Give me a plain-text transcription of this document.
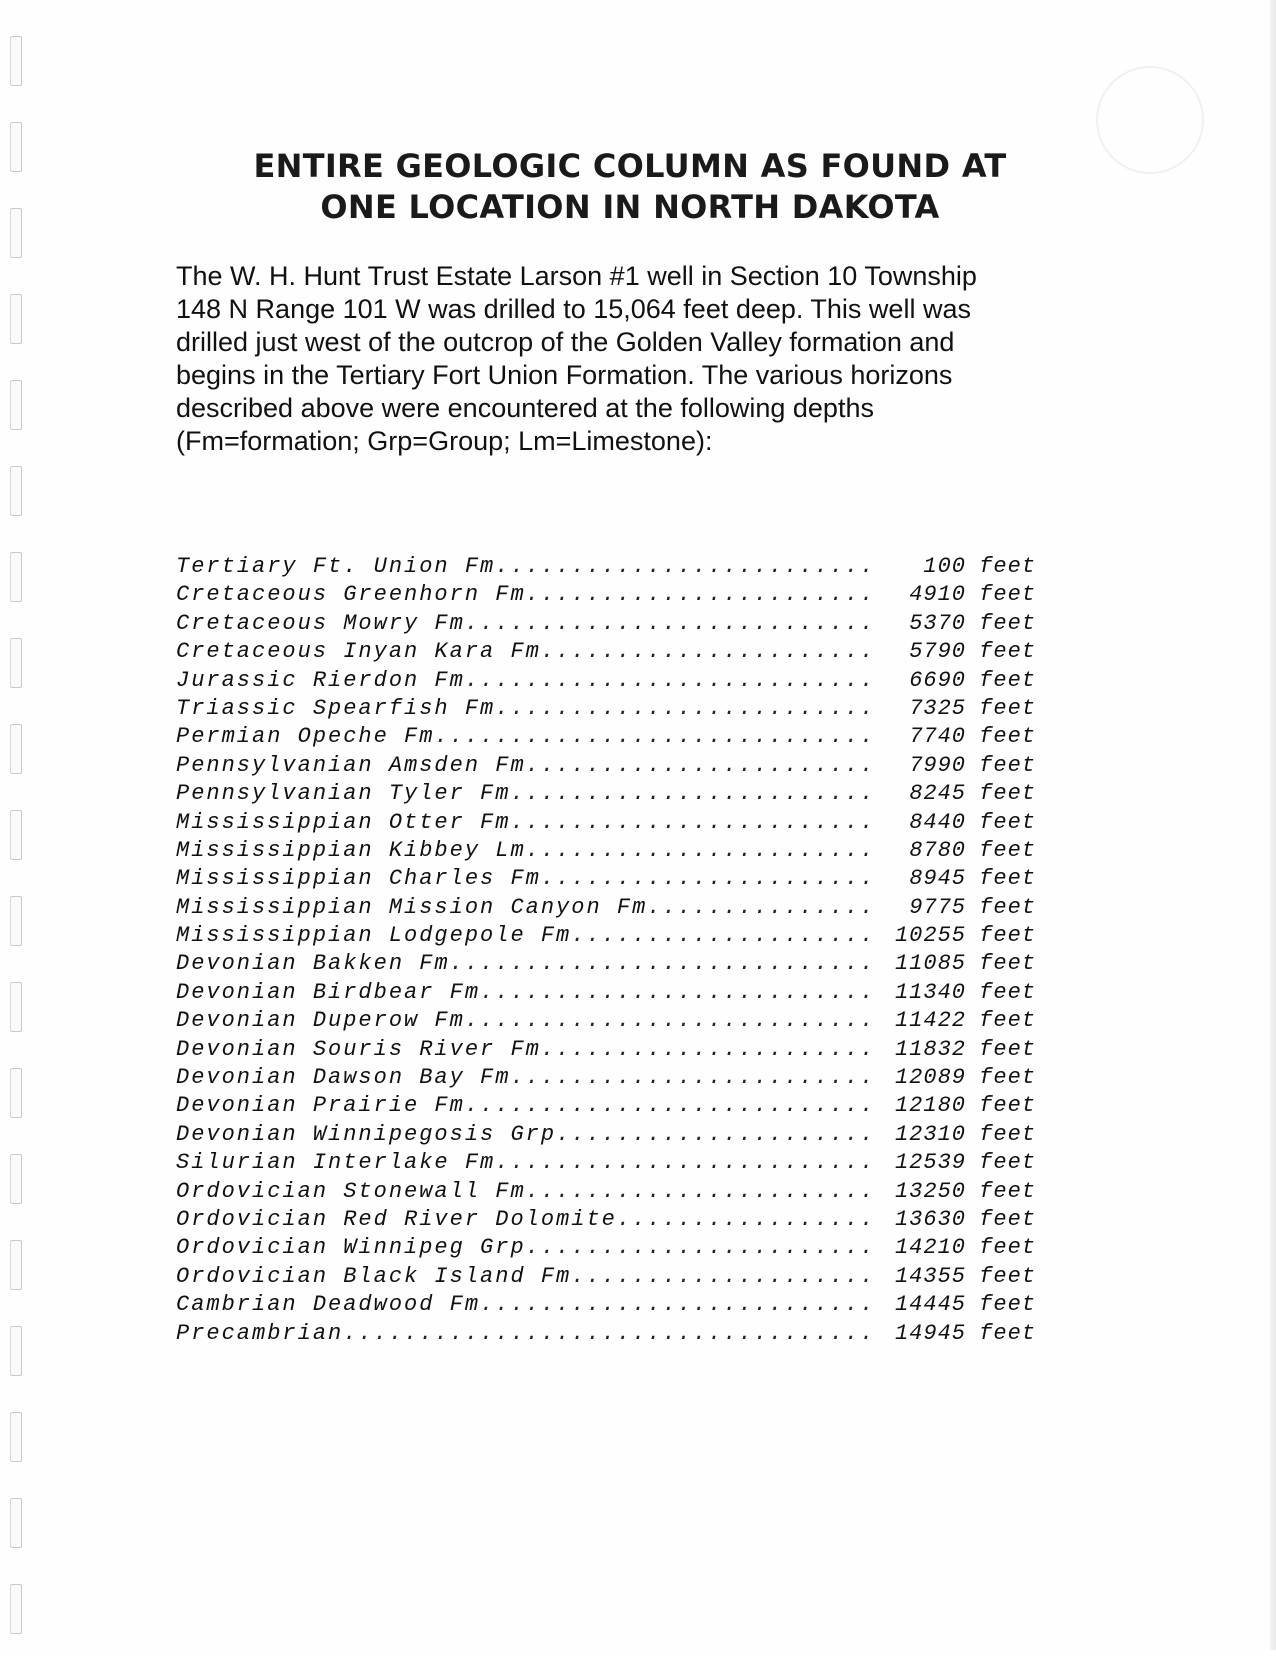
ENTIRE GEOLOGIC COLUMN AS FOUND AT
ONE LOCATION IN NORTH DAKOTA
The W. H. Hunt Trust Estate Larson #1 well in Section 10 Township
148 N Range 101 W was drilled to 15,064 feet deep. This well was
drilled just west of the outcrop of the Golden Valley formation and
begins in the Tertiary Fort Union Formation. The various horizons
described above were encountered at the following depths
(Fm=formation; Grp=Group; Lm=Limestone):
Tertiary Ft. Union Fm .....	100 feet
Cretaceous Greenhorn Fm .....	4910 feet
Cretaceous Mowry Fm .....	5370 feet
Cretaceous Inyan Kara Fm .....	5790 feet
Jurassic Rierdon Fm .....	6690 feet
Triassic Spearfish Fm .....	7325 feet
Permian Opeche Fm .....	7740 feet
Pennsylvanian Amsden Fm .....	7990 feet
Pennsylvanian Tyler Fm .....	8245 feet
Mississippian Otter Fm .....	8440 feet
Mississippian Kibbey Lm .....	8780 feet
Mississippian Charles Fm .....	8945 feet
Mississippian Mission Canyon Fm .....	9775 feet
Mississippian Lodgepole Fm .....	10255 feet
Devonian Bakken Fm .....	11085 feet
Devonian Birdbear Fm .....	11340 feet
Devonian Duperow Fm .....	11422 feet
Devonian Souris River Fm .....	11832 feet
Devonian Dawson Bay Fm .....	12089 feet
Devonian Prairie Fm .....	12180 feet
Devonian Winnipegosis Grp .....	12310 feet
Silurian Interlake Fm .....	12539 feet
Ordovician Stonewall Fm .....	13250 feet
Ordovician Red River Dolomite .....	13630 feet
Ordovician Winnipeg Grp .....	14210 feet
Ordovician Black Island Fm .....	14355 feet
Cambrian Deadwood Fm .....	14445 feet
Precambrian .....	14945 feet
